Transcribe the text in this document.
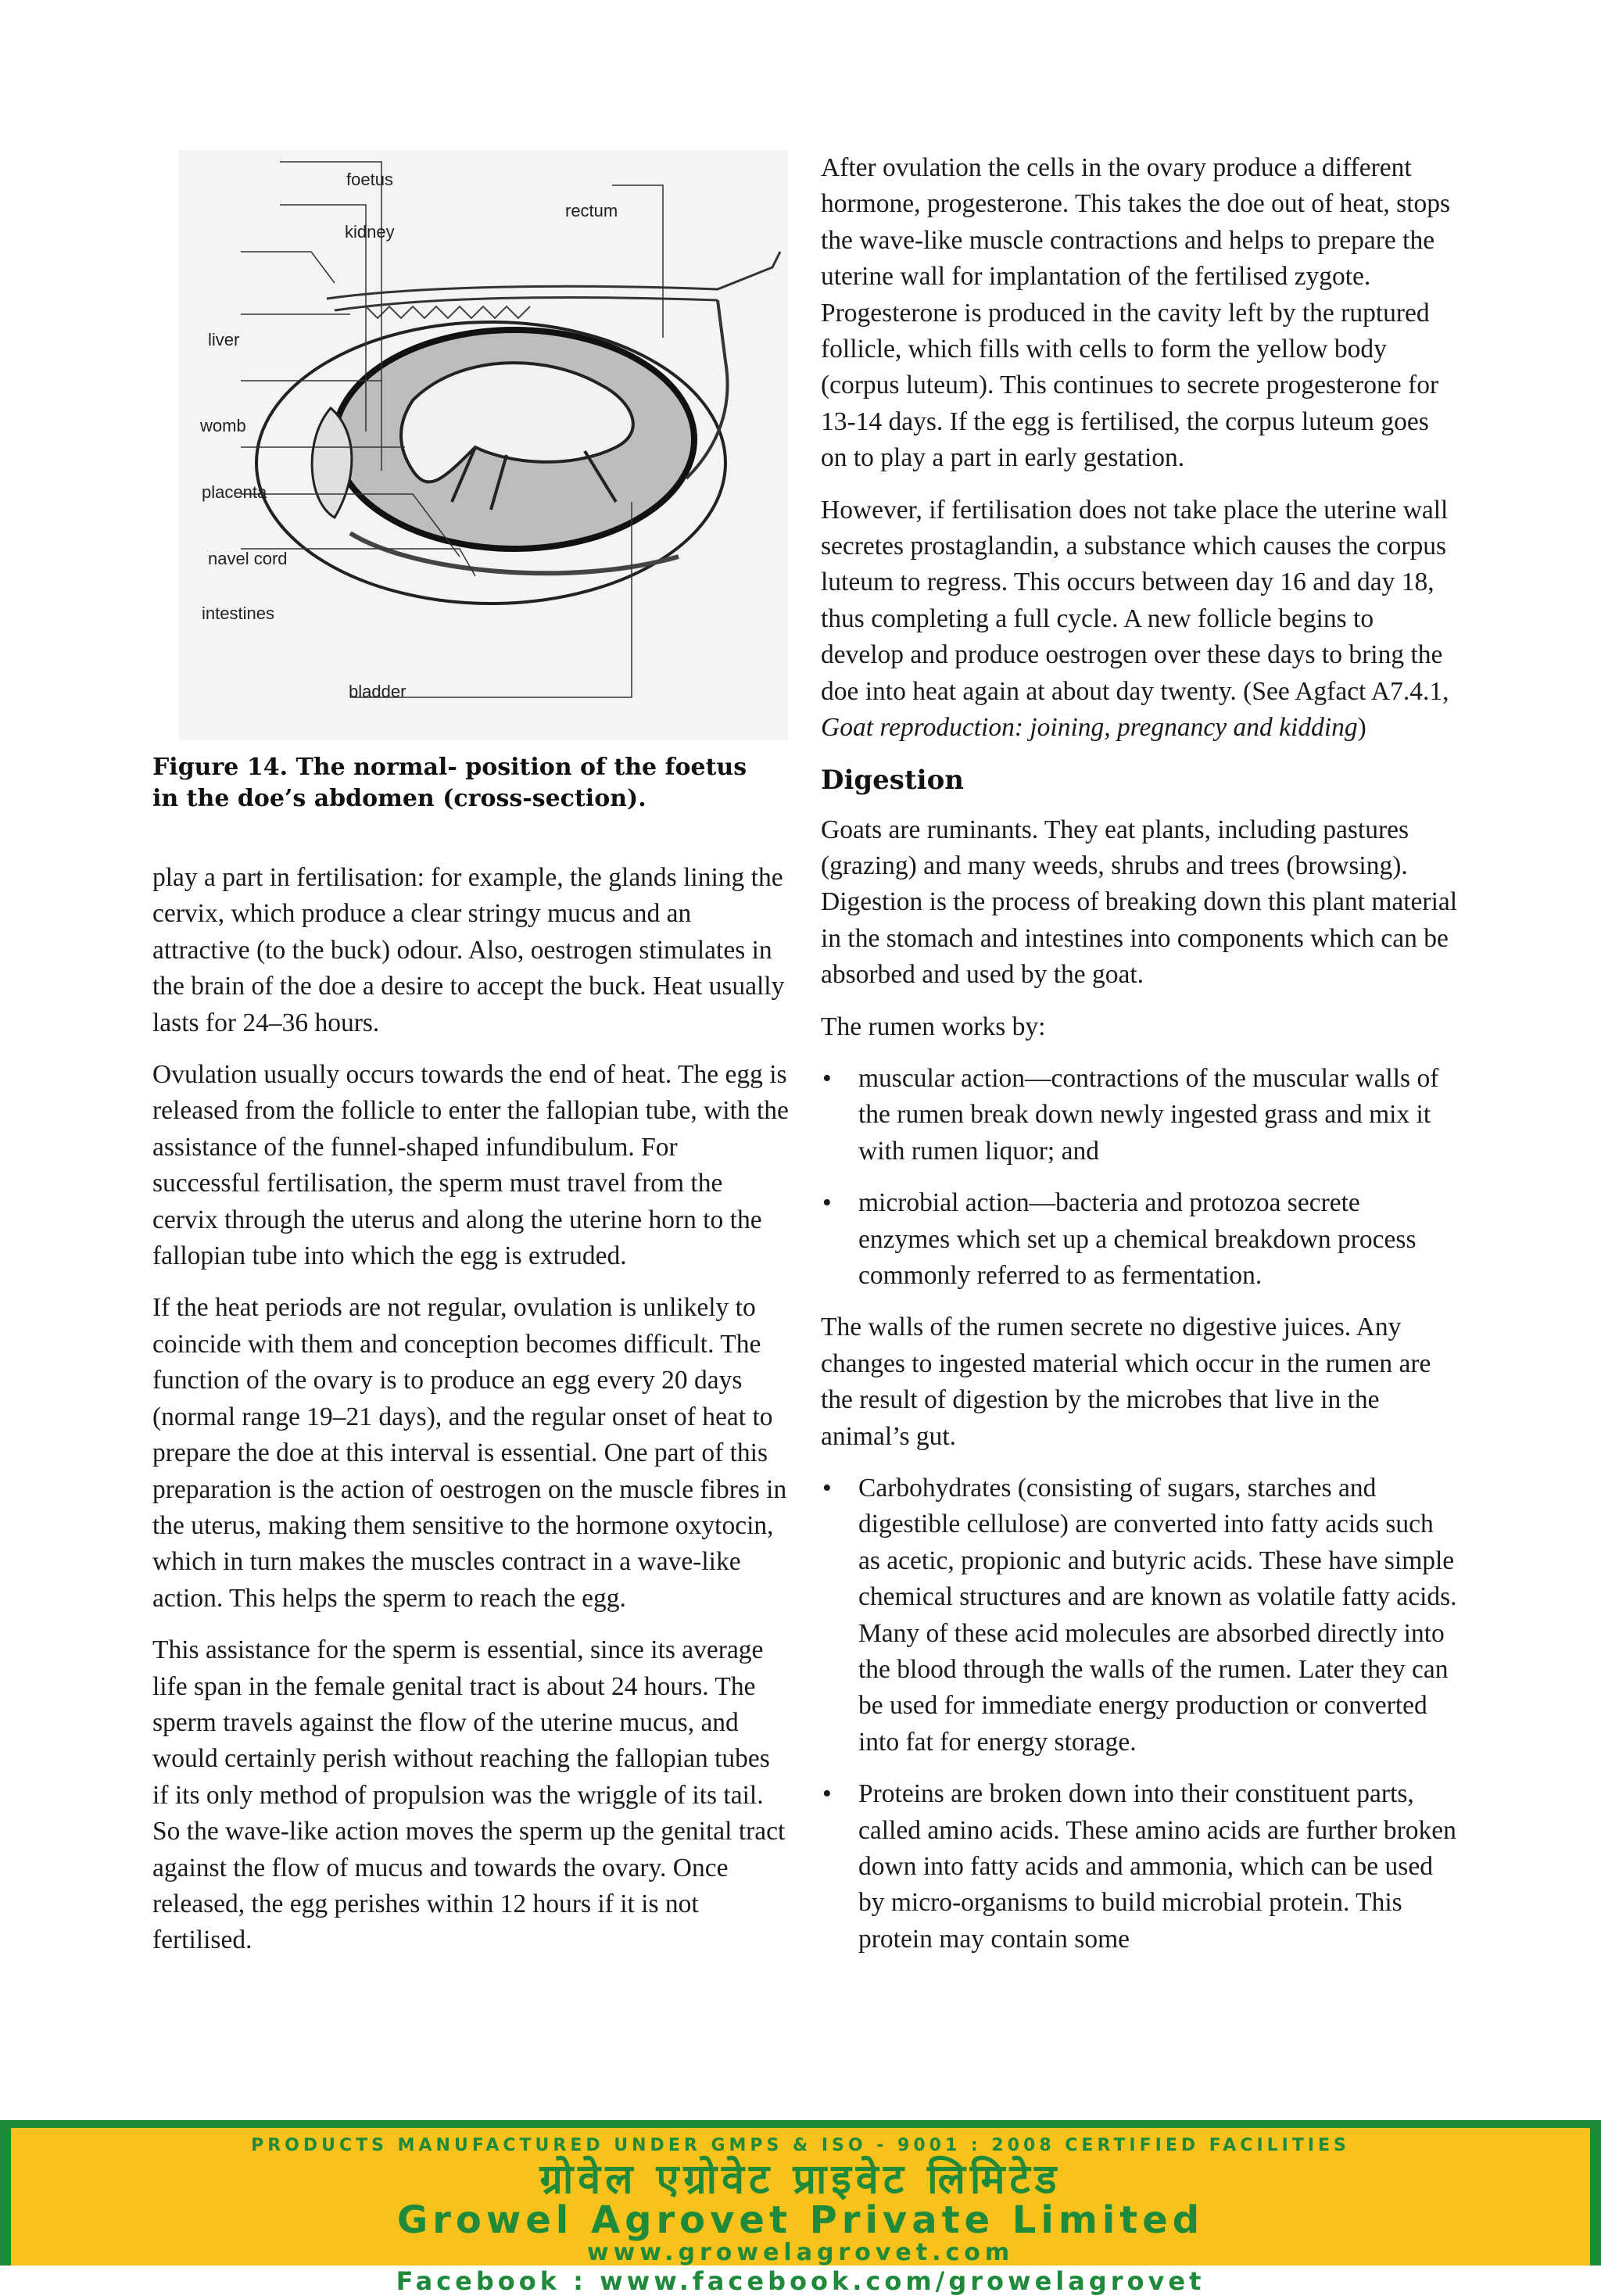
foetus
kidney
rectum
liver
womb
placenta
navel cord
intestines
bladder
Figure 14. The normal- position of the foetus in the doe’s abdomen (cross-section).

play a part in fertilisation: for example, the glands lining the cervix, which produce a clear stringy mucus and an attractive (to the buck) odour. Also, oestrogen stimulates in the brain of the doe a desire to accept the buck. Heat usually lasts for 24–36 hours.

Ovulation usually occurs towards the end of heat. The egg is released from the follicle to enter the fallopian tube, with the assistance of the funnel-shaped infundibulum. For successful fertilisation, the sperm must travel from the cervix through the uterus and along the uterine horn to the fallopian tube into which the egg is extruded.

If the heat periods are not regular, ovulation is unlikely to coincide with them and conception becomes difficult. The function of the ovary is to produce an egg every 20 days (normal range 19–21 days), and the regular onset of heat to prepare the doe at this interval is essential. One part of this preparation is the action of oestrogen on the muscle fibres in the uterus, making them sensitive to the hormone oxytocin, which in turn makes the muscles contract in a wave-like action. This helps the sperm to reach the egg.

This assistance for the sperm is essential, since its average life span in the female genital tract is about 24 hours. The sperm travels against the flow of the uterine mucus, and would certainly perish without reaching the fallopian tubes if its only method of propulsion was the wriggle of its tail. So the wave-like action moves the sperm up the genital tract against the flow of mucus and towards the ovary. Once released, the egg perishes within 12 hours if it is not fertilised.

After ovulation the cells in the ovary produce a different hormone, progesterone. This takes the doe out of heat, stops the wave-like muscle contractions and helps to prepare the uterine wall for implantation of the fertilised zygote. Progesterone is produced in the cavity left by the ruptured follicle, which fills with cells to form the yellow body (corpus luteum). This continues to secrete progesterone for 13-14 days. If the egg is fertilised, the corpus luteum goes on to play a part in early gestation.

However, if fertilisation does not take place the uterine wall secretes prostaglandin, a substance which causes the corpus luteum to regress. This occurs between day 16 and day 18, thus completing a full cycle. A new follicle begins to develop and produce oestrogen over these days to bring the doe into heat again at about day twenty. (See Agfact A7.4.1, Goat reproduction: joining, pregnancy and kidding)

Digestion

Goats are ruminants. They eat plants, including pastures (grazing) and many weeds, shrubs and trees (browsing). Digestion is the process of breaking down this plant material in the stomach and intestines into components which can be absorbed and used by the goat.

The rumen works by:

• muscular action—contractions of the muscular walls of the rumen break down newly ingested grass and mix it with rumen liquor; and
• microbial action—bacteria and protozoa secrete enzymes which set up a chemical breakdown process commonly referred to as fermentation.

The walls of the rumen secrete no digestive juices. Any changes to ingested material which occur in the rumen are the result of digestion by the microbes that live in the animal’s gut.

• Carbohydrates (consisting of sugars, starches and digestible cellulose) are converted into fatty acids such as acetic, propionic and butyric acids. These have simple chemical structures and are known as volatile fatty acids. Many of these acid molecules are absorbed directly into the blood through the walls of the rumen. Later they can be used for immediate energy production or converted into fat for energy storage.
• Proteins are broken down into their constituent parts, called amino acids. These amino acids are further broken down into fatty acids and ammonia, which can be used by micro-organisms to build microbial protein. This protein may contain some
PRODUCTS MANUFACTURED UNDER GMPS & ISO - 9001 : 2008 CERTIFIED FACILITIES
ग्रोवेल एग्रोवेट प्राइवेट लिमिटेड
Growel Agrovet Private Limited
www.growelagrovet.com
Facebook : www.facebook.com/growelagrovet
